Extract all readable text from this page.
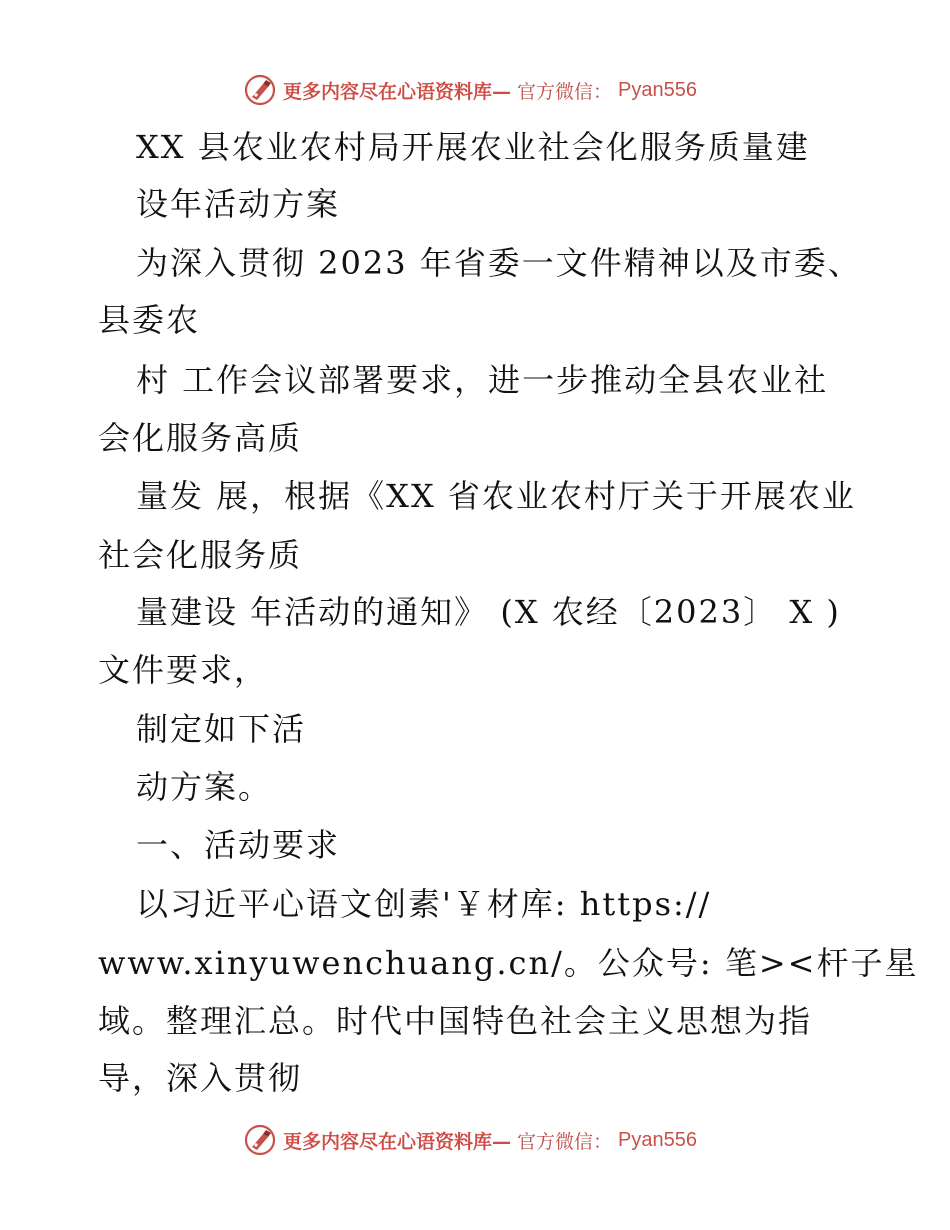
更多内容尽在心语资料库— 官方微信： Pyan556
XX 县农业农村局开展农业社会化服务质量建
设年活动方案
为深入贯彻 2023 年省委一文件精神以及市委、
县委农
村 工作会议部署要求，进一步推动全县农业社
会化服务高质
量发 展，根据《XX 省农业农村厅关于开展农业
社会化服务质
量建设 年活动的通知》 (X 农经〔2023〕 X )
文件要求，
制定如下活
动方案。
一、活动要求
以习近平心语文创素'￥材库: https://
www.xinyuwenchuang.cn/。公众号: 笔><杆子星
域。整理汇总。时代中国特色社会主义思想为指
导，深入贯彻
更多内容尽在心语资料库— 官方微信： Pyan556
